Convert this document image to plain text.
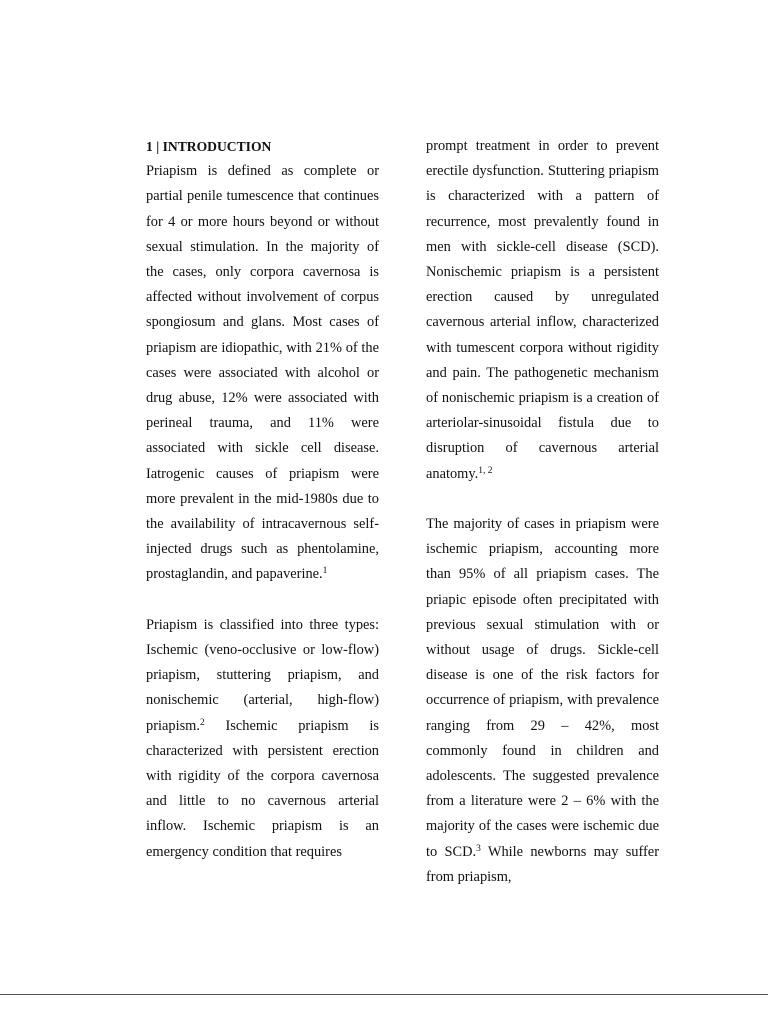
1 | INTRODUCTION

Priapism is defined as complete or partial penile tumescence that continues for 4 or more hours beyond or without sexual stimulation. In the majority of the cases, only corpora cavernosa is affected without involvement of corpus spongiosum and glans. Most cases of priapism are idiopathic, with 21% of the cases were associated with alcohol or drug abuse, 12% were associated with perineal trauma, and 11% were associated with sickle cell disease. Iatrogenic causes of priapism were more prevalent in the mid-1980s due to the availability of intracavernous self-injected drugs such as phentolamine, prostaglandin, and papaverine.$^1$

Priapism is classified into three types: Ischemic (veno-occlusive or low-flow) priapism, stuttering priapism, and nonischemic (arterial, high-flow) priapism.$^2$ Ischemic priapism is characterized with persistent erection with rigidity of the corpora cavernosa and little to no cavernous arterial inflow. Ischemic priapism is an emergency condition that requires

prompt treatment in order to prevent erectile dysfunction. Stuttering priapism is characterized with a pattern of recurrence, most prevalently found in men with sickle-cell disease (SCD). Nonischemic priapism is a persistent erection caused by unregulated cavernous arterial inflow, characterized with tumescent corpora without rigidity and pain. The pathogenetic mechanism of nonischemic priapism is a creation of arteriolar-sinusoidal fistula due to disruption of cavernous arterial anatomy.$^{1, 2}$

The majority of cases in priapism were ischemic priapism, accounting more than 95% of all priapism cases. The priapic episode often precipitated with previous sexual stimulation with or without usage of drugs. Sickle-cell disease is one of the risk factors for occurrence of priapism, with prevalence ranging from 29 – 42%, most commonly found in children and adolescents. The suggested prevalence from a literature were 2 – 6% with the majority of the cases were ischemic due to SCD.$^3$ While newborns may suffer from priapism,
